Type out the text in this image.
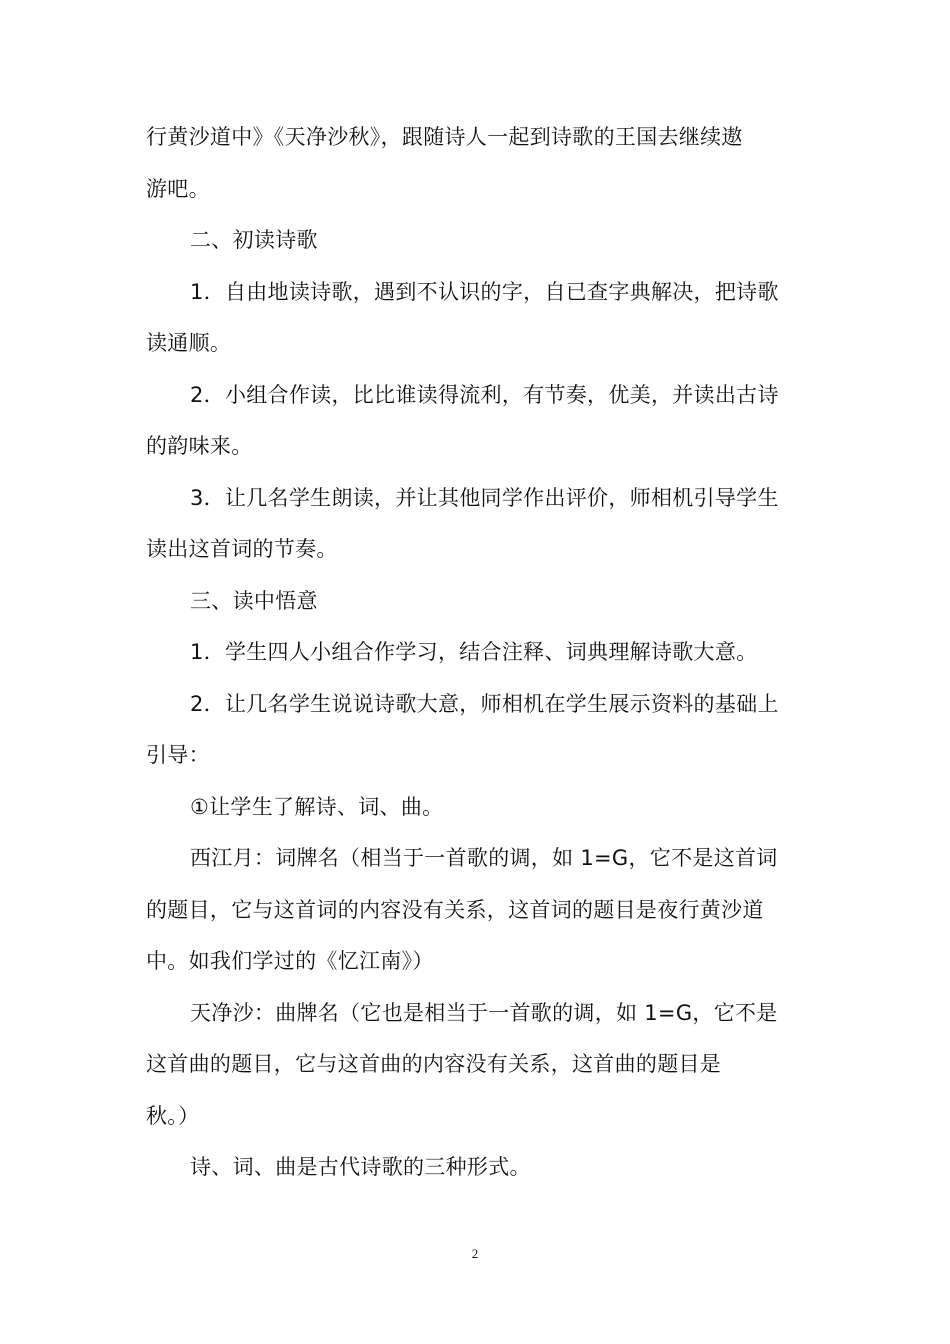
行黄沙道中》《天净沙秋》，跟随诗人一起到诗歌的王国去继续遨
游吧。
二、初读诗歌
1．自由地读诗歌，遇到不认识的字，自已查字典解决，把诗歌
读通顺。
2．小组合作读，比比谁读得流利，有节奏，优美，并读出古诗
的韵味来。
3．让几名学生朗读，并让其他同学作出评价，师相机引导学生
读出这首词的节奏。
三、读中悟意
1．学生四人小组合作学习，结合注释、词典理解诗歌大意。
2．让几名学生说说诗歌大意，师相机在学生展示资料的基础上
引导：
①让学生了解诗、词、曲。
西江月：词牌名（相当于一首歌的调，如 1=G，它不是这首词
的题目，它与这首词的内容没有关系，这首词的题目是夜行黄沙道
中。如我们学过的《忆江南》）
天净沙：曲牌名（它也是相当于一首歌的调，如 1=G，它不是
这首曲的题目，它与这首曲的内容没有关系，这首曲的题目是
秋。）
诗、词、曲是古代诗歌的三种形式。
2
